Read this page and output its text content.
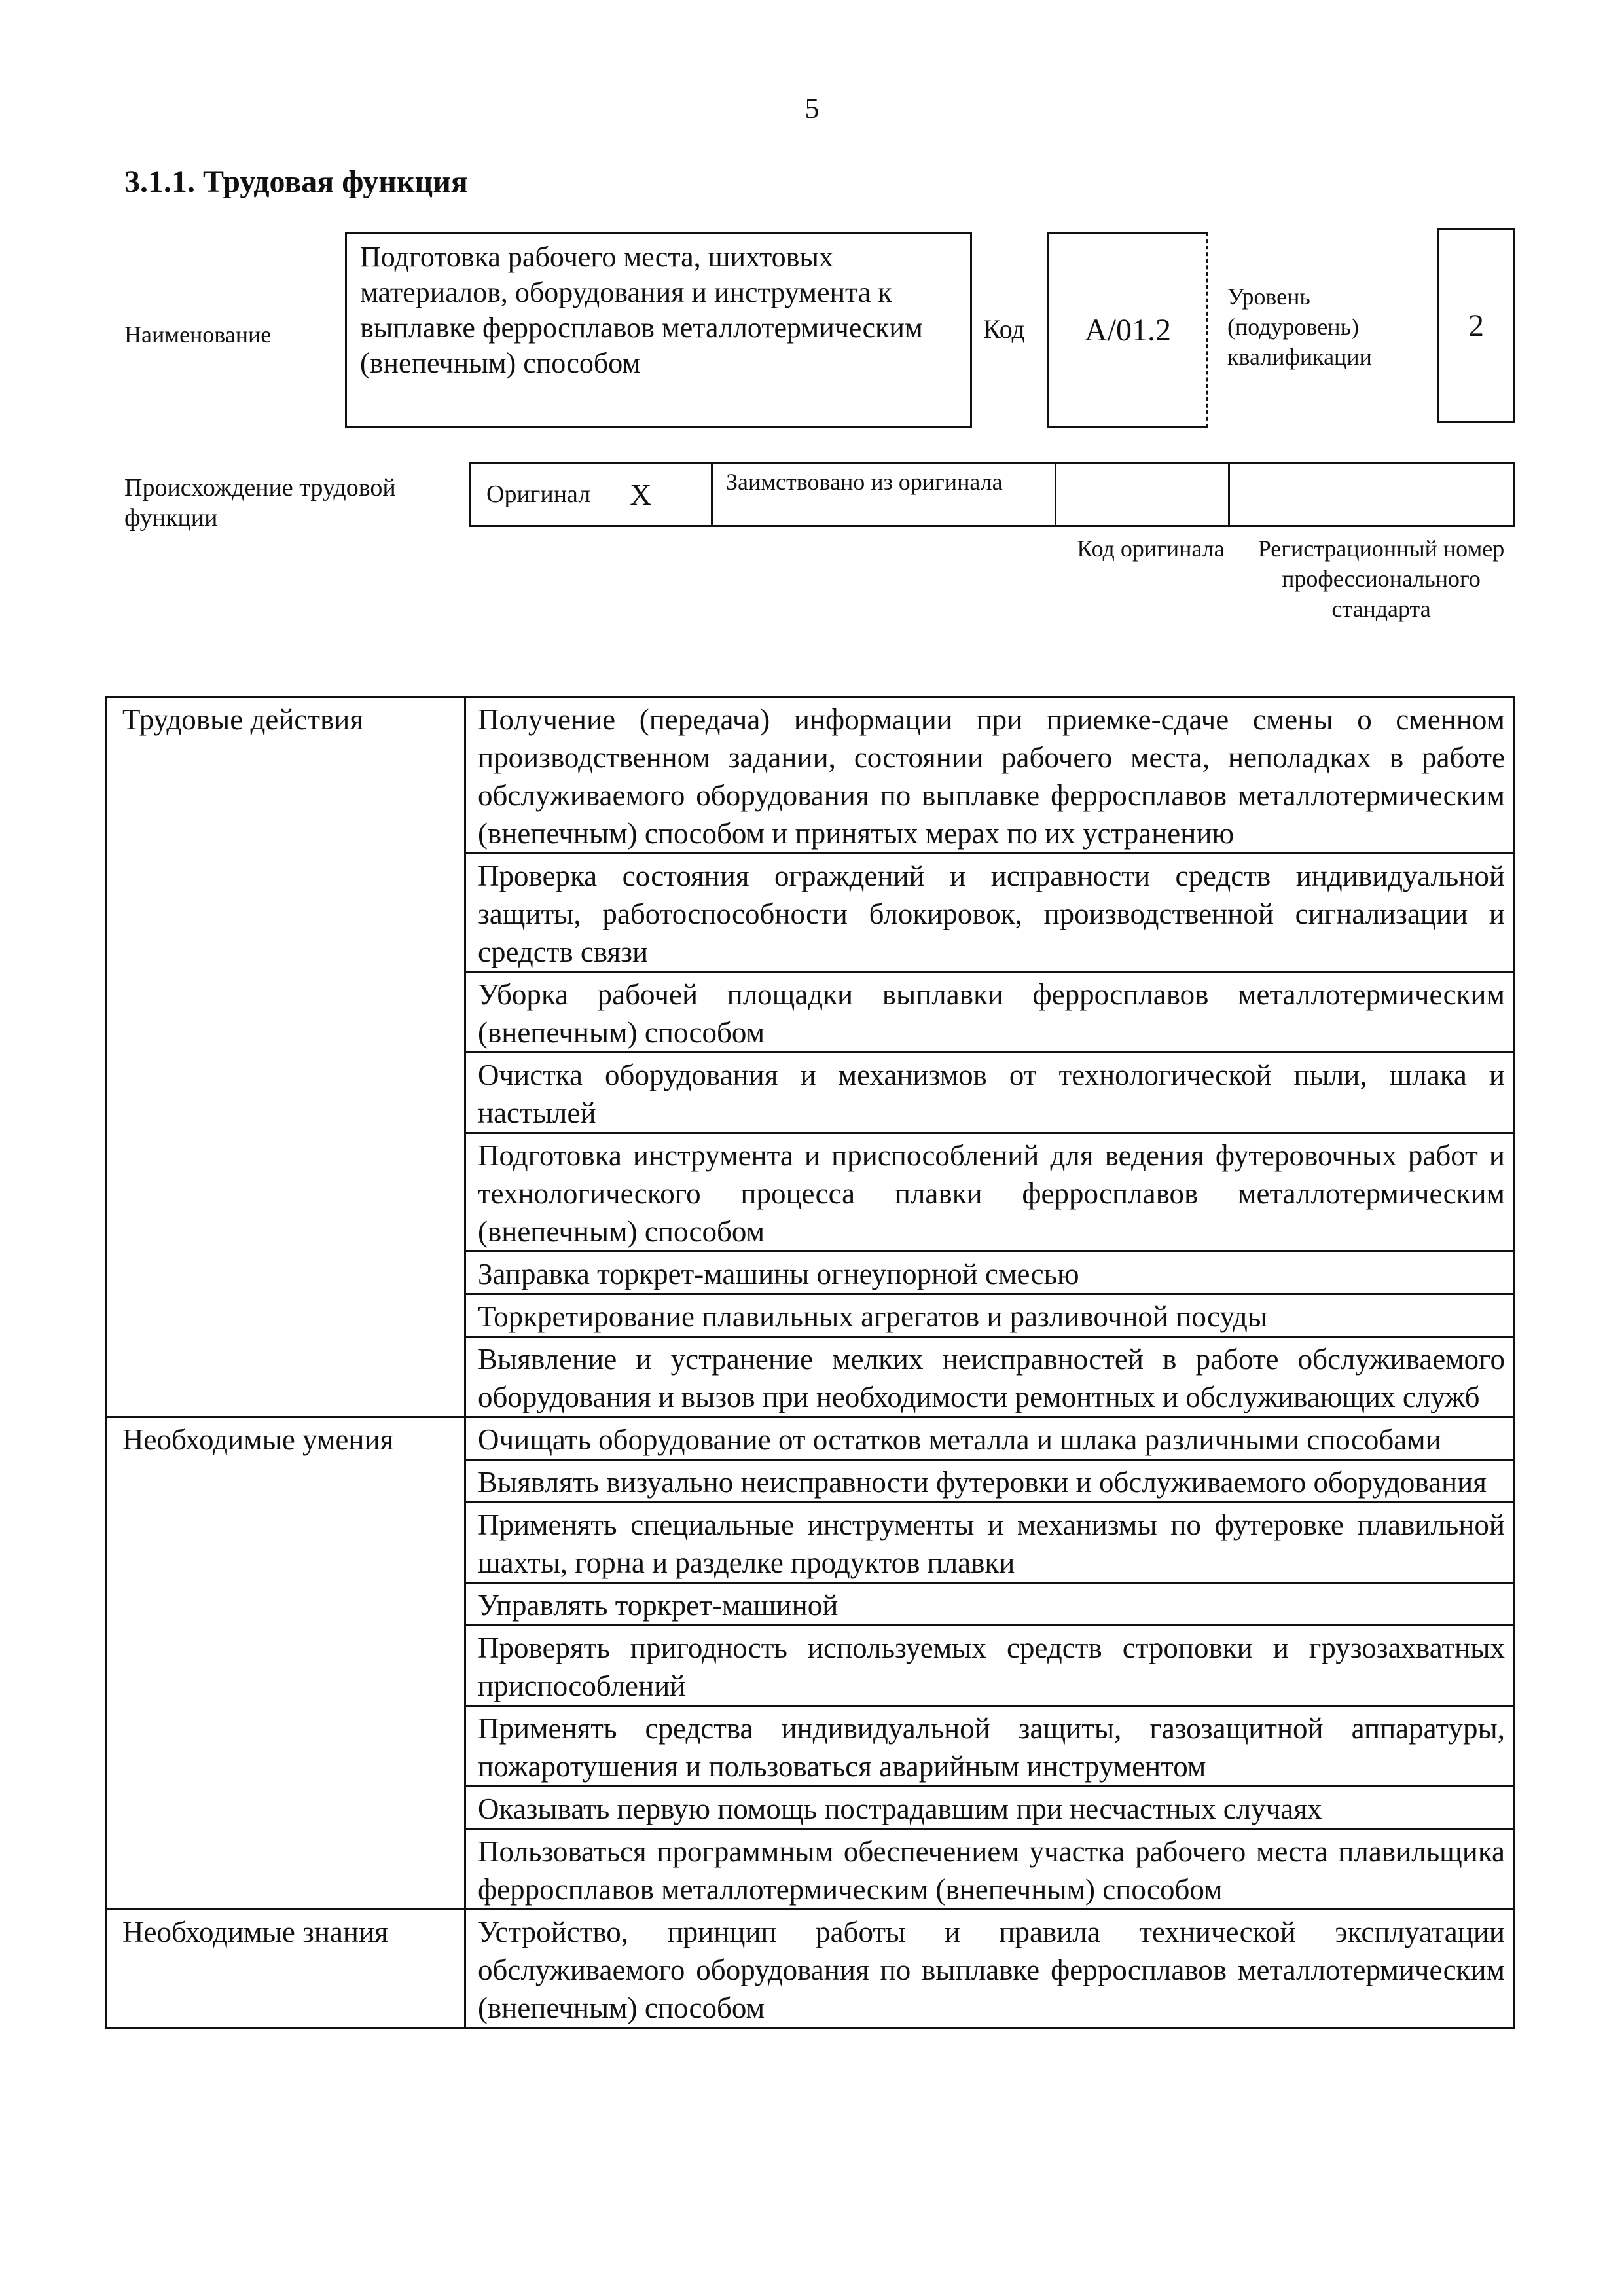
5
3.1.1. Трудовая функция
Наименование
Подготовка рабочего места, шихтовых материалов, оборудования и инструмента к выплавке ферросплавов металлотермическим (внепечным) способом
Код	A/01.2
Уровень (подуровень) квалификации
2
Происхождение трудовой функции
Оригинал X	Заимствовано из оригинала
Код оригинала	Регистрационный номер профессионального стандарта
Трудовые действия	Получение (передача) информации при приемке-сдаче смены о сменном производственном задании, состоянии рабочего места, неполадках в работе обслуживаемого оборудования по выплавке ферросплавов металлотермическим (внепечным) способом и принятых мерах по их устранению
	Проверка состояния ограждений и исправности средств индивидуальной защиты, работоспособности блокировок, производственной сигнализации и средств связи
	Уборка рабочей площадки выплавки ферросплавов металлотермическим (внепечным) способом
	Очистка оборудования и механизмов от технологической пыли, шлака и настылей
	Подготовка инструмента и приспособлений для ведения футеровочных работ и технологического процесса плавки ферросплавов металлотермическим (внепечным) способом
	Заправка торкрет-машины огнеупорной смесью
	Торкретирование плавильных агрегатов и разливочной посуды
	Выявление и устранение мелких неисправностей в работе обслуживаемого оборудования и вызов при необходимости ремонтных и обслуживающих служб
Необходимые умения	Очищать оборудование от остатков металла и шлака различными способами
	Выявлять визуально неисправности футеровки и обслуживаемого оборудования
	Применять специальные инструменты и механизмы по футеровке плавильной шахты, горна и разделке продуктов плавки
	Управлять торкрет-машиной
	Проверять пригодность используемых средств строповки и грузозахватных приспособлений
	Применять средства индивидуальной защиты, газозащитной аппаратуры, пожаротушения и пользоваться аварийным инструментом
	Оказывать первую помощь пострадавшим при несчастных случаях
	Пользоваться программным обеспечением участка рабочего места плавильщика ферросплавов металлотермическим (внепечным) способом
Необходимые знания	Устройство, принцип работы и правила технической эксплуатации обслуживаемого оборудования по выплавке ферросплавов металлотермическим (внепечным) способом
